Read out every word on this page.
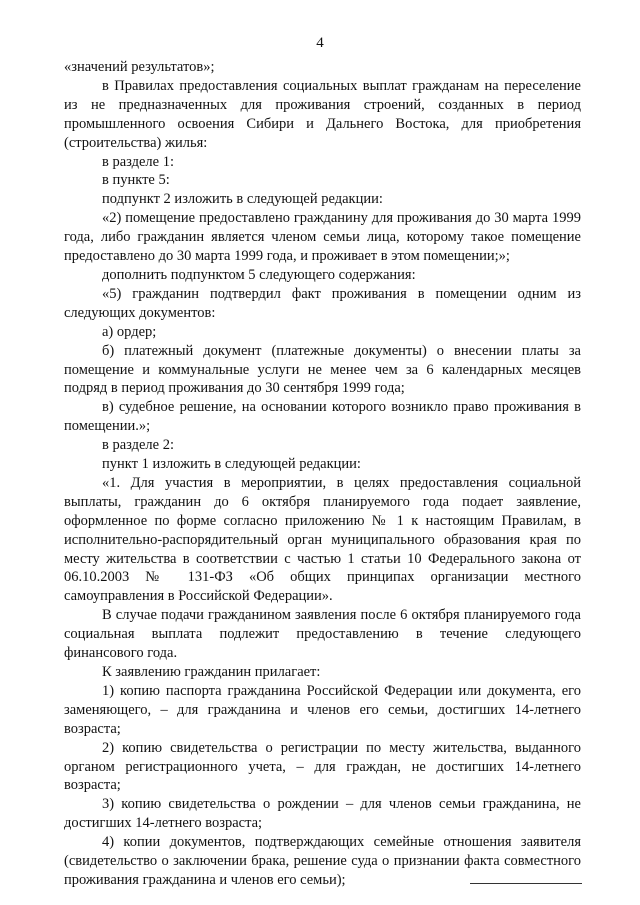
4

«значений результатов»;

в Правилах предоставления социальных выплат гражданам на переселение из не предназначенных для проживания строений, созданных в период промышленного освоения Сибири и Дальнего Востока, для приобретения (строительства) жилья:

в разделе 1:

в пункте 5:

подпункт 2 изложить в следующей редакции:

«2) помещение предоставлено гражданину для проживания до 30 марта 1999 года, либо гражданин является членом семьи лица, которому такое помещение предоставлено до 30 марта 1999 года, и проживает в этом помещении;»;

дополнить подпунктом 5 следующего содержания:

«5) гражданин подтвердил факт проживания в помещении одним из следующих документов:

а) ордер;

б) платежный документ (платежные документы) о внесении платы за помещение и коммунальные услуги не менее чем за 6 календарных месяцев подряд в период проживания до 30 сентября 1999 года;

в) судебное решение, на основании которого возникло право проживания в помещении.»;

в разделе 2:

пункт 1 изложить в следующей редакции:

«1. Для участия в мероприятии, в целях предоставления социальной выплаты, гражданин до 6 октября планируемого года подает заявление, оформленное по форме согласно приложению № 1 к настоящим Правилам, в исполнительно-распорядительный орган муниципального образования края по месту жительства в соответствии с частью 1 статьи 10 Федерального закона от 06.10.2003 № 131-ФЗ «Об общих принципах организации местного самоуправления в Российской Федерации».

В случае подачи гражданином заявления после 6 октября планируемого года социальная выплата подлежит предоставлению в течение следующего финансового года.

К заявлению гражданин прилагает:

1) копию паспорта гражданина Российской Федерации или документа, его заменяющего, – для гражданина и членов его семьи, достигших 14-летнего возраста;

2) копию свидетельства о регистрации по месту жительства, выданного органом регистрационного учета, – для граждан, не достигших 14-летнего возраста;

3) копию свидетельства о рождении – для членов семьи гражданина, не достигших 14-летнего возраста;

4) копии документов, подтверждающих семейные отношения заявителя (свидетельство о заключении брака, решение суда о признании факта совместного проживания гражданина и членов его семьи);
